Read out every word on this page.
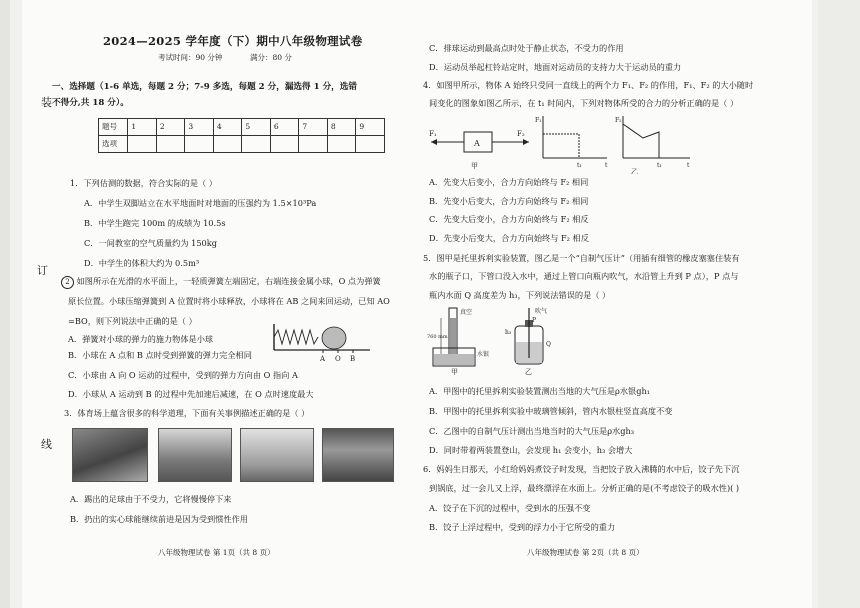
装
订
线
2024—2025 学年度（下）期中八年级物理试卷
考试时间：90 分钟	满分：80 分
一、选择题（1-6 单选，每题 2 分；7-9 多选，每题 2 分，漏选得 1 分，选错
不得分,共 18 分）。
题号	1	2	3	4	5	6	7	8	9
选项									
1．下列估测的数据，符合实际的是（ ）
A．中学生双脚站立在水平地面时对地面的压强约为 1.5×10³Pa
B．中学生跑完 100m 的成绩为 10.5s
C．一间教室的空气质量约为 150kg
D．中学生的体积大约为 0.5m³
2 如图所示在光滑的水平面上，一轻质弹簧左端固定，右端连接金属小球，O 点为弹簧
原长位置。小球压缩弹簧到 A 位置时将小球释放，小球将在 AB 之间来回运动，已知 AO
=BO，则下列说法中正确的是（ ）
A．弹簧对小球的弹力的施力物体是小球
B．小球在 A 点和 B 点时受到弹簧的弹力完全相同
C．小球由 A 向 O 运动的过程中，受到的弹力方向由 O 指向 A
D．小球从 A 运动到 B 的过程中先加速后减速，在 O 点时速度最大
A O B
3．体育场上蕴含很多的科学道理，下面有关事例描述正确的是（ ）
A．踢出的足球由于不受力，它将慢慢停下来
B．扔出的实心球能继续前进是因为受到惯性作用
八年级物理试卷 第 1页（共 8 页）
C．排球运动到最高点时处于静止状态，不受力的作用
D．运动员举起杠铃站定时，地面对运动员的支持力大于运动员的重力
4．如图甲所示，物体 A 始终只受同一直线上的两个力 F₁、F₂ 的作用，F₁、F₂ 的大小随时
间变化的图象如图乙所示，在 t₁ 时间内，下列对物体所受的合力的分析正确的是（ ）
A
F₁	F₂
甲
F₁
t₁	t
F₂
t₁	t
乙
A．先变大后变小，合力方向始终与 F₂ 相同
B．先变小后变大，合力方向始终与 F₂ 相同
C．先变大后变小，合力方向始终与 F₂ 相反
D．先变小后变大，合力方向始终与 F₂ 相反
5．图甲是托里拆利实验装置，图乙是一个“自制气压计”（用插有细管的橡皮塞塞住装有
水的瓶子口，下管口没入水中，通过上管口向瓶内吹气，水沿管上升到 P 点），P 点与
瓶内水面 Q 高度差为 h₃，下列说法错误的是（ ）
真空
水银
760 mm
甲
吹气
h₃
P
Q
乙
A．甲图中的托里拆利实验装置测出当地的大气压是ρ水银gh₁
B．甲图中的托里拆利实验中玻璃管倾斜，管内水银柱竖直高度不变
C．乙图中的自制气压计测出当地当时的大气压是ρ水gh₃
D．同时带着两装置登山，会发现 h₁ 会变小，h₃ 会增大
6．妈妈生日那天，小红给妈妈煮饺子时发现，当把饺子放入沸腾的水中后，饺子先下沉
到锅底，过一会儿又上浮，最终漂浮在水面上。分析正确的是(不考虑饺子的吸水性)( )
A．饺子在下沉的过程中，受到水的压强不变
B．饺子上浮过程中，受到的浮力小于它所受的重力
八年级物理试卷 第 2页（共 8 页）
